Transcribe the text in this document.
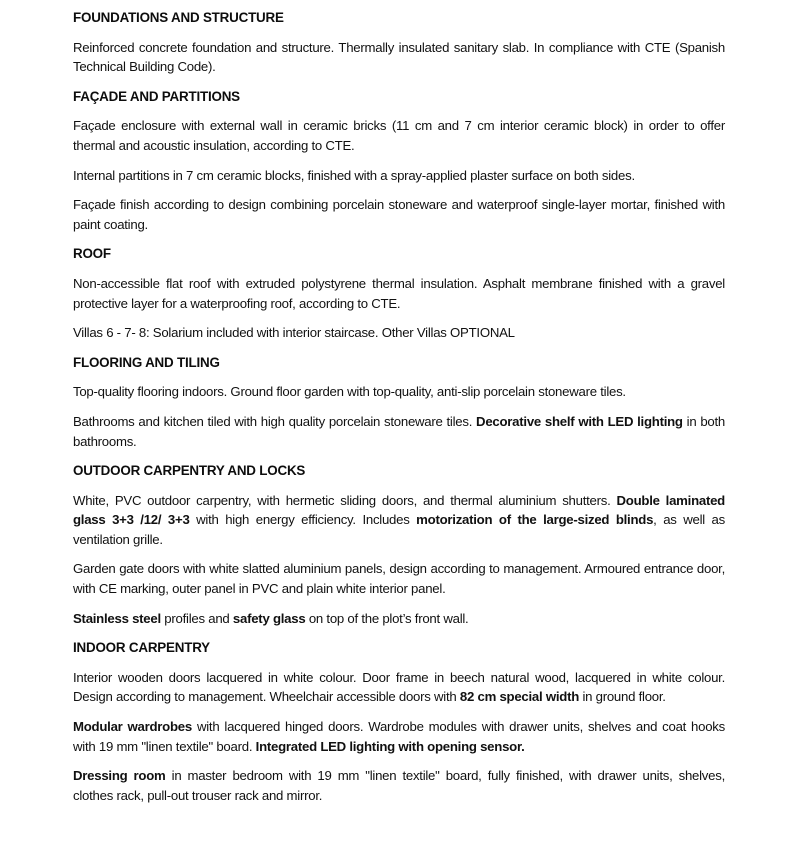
FOUNDATIONS AND STRUCTURE

Reinforced concrete foundation and structure. Thermally insulated sanitary slab. In compliance with CTE (Spanish Technical Building Code).

FAÇADE AND PARTITIONS

Façade enclosure with external wall in ceramic bricks (11 cm and 7 cm interior ceramic block) in order to offer thermal and acoustic insulation, according to CTE.

Internal partitions in 7 cm ceramic blocks, finished with a spray-applied plaster surface on both sides.

Façade finish according to design combining porcelain stoneware and waterproof single-layer mortar, finished with paint coating.

ROOF

Non-accessible flat roof with extruded polystyrene thermal insulation. Asphalt membrane finished with a gravel protective layer for a waterproofing roof, according to CTE.

Villas 6 - 7- 8: Solarium included with interior staircase. Other Villas OPTIONAL

FLOORING AND TILING

Top-quality flooring indoors. Ground floor garden with top-quality, anti-slip porcelain stoneware tiles.

Bathrooms and kitchen tiled with high quality porcelain stoneware tiles. Decorative shelf with LED lighting in both bathrooms.

OUTDOOR CARPENTRY AND LOCKS

White, PVC outdoor carpentry, with hermetic sliding doors, and thermal aluminium shutters. Double laminated glass 3+3 /12/ 3+3 with high energy efficiency. Includes motorization of the large-sized blinds, as well as ventilation grille.

Garden gate doors with white slatted aluminium panels, design according to management. Armoured entrance door, with CE marking, outer panel in PVC and plain white interior panel.

Stainless steel profiles and safety glass on top of the plot’s front wall.

INDOOR CARPENTRY

Interior wooden doors lacquered in white colour. Door frame in beech natural wood, lacquered in white colour. Design according to management. Wheelchair accessible doors with 82 cm special width in ground floor.

Modular wardrobes with lacquered hinged doors. Wardrobe modules with drawer units, shelves and coat hooks with 19 mm "linen textile" board. Integrated LED lighting with opening sensor.

Dressing room in master bedroom with 19 mm "linen textile" board, fully finished, with drawer units, shelves, clothes rack, pull-out trouser rack and mirror.
